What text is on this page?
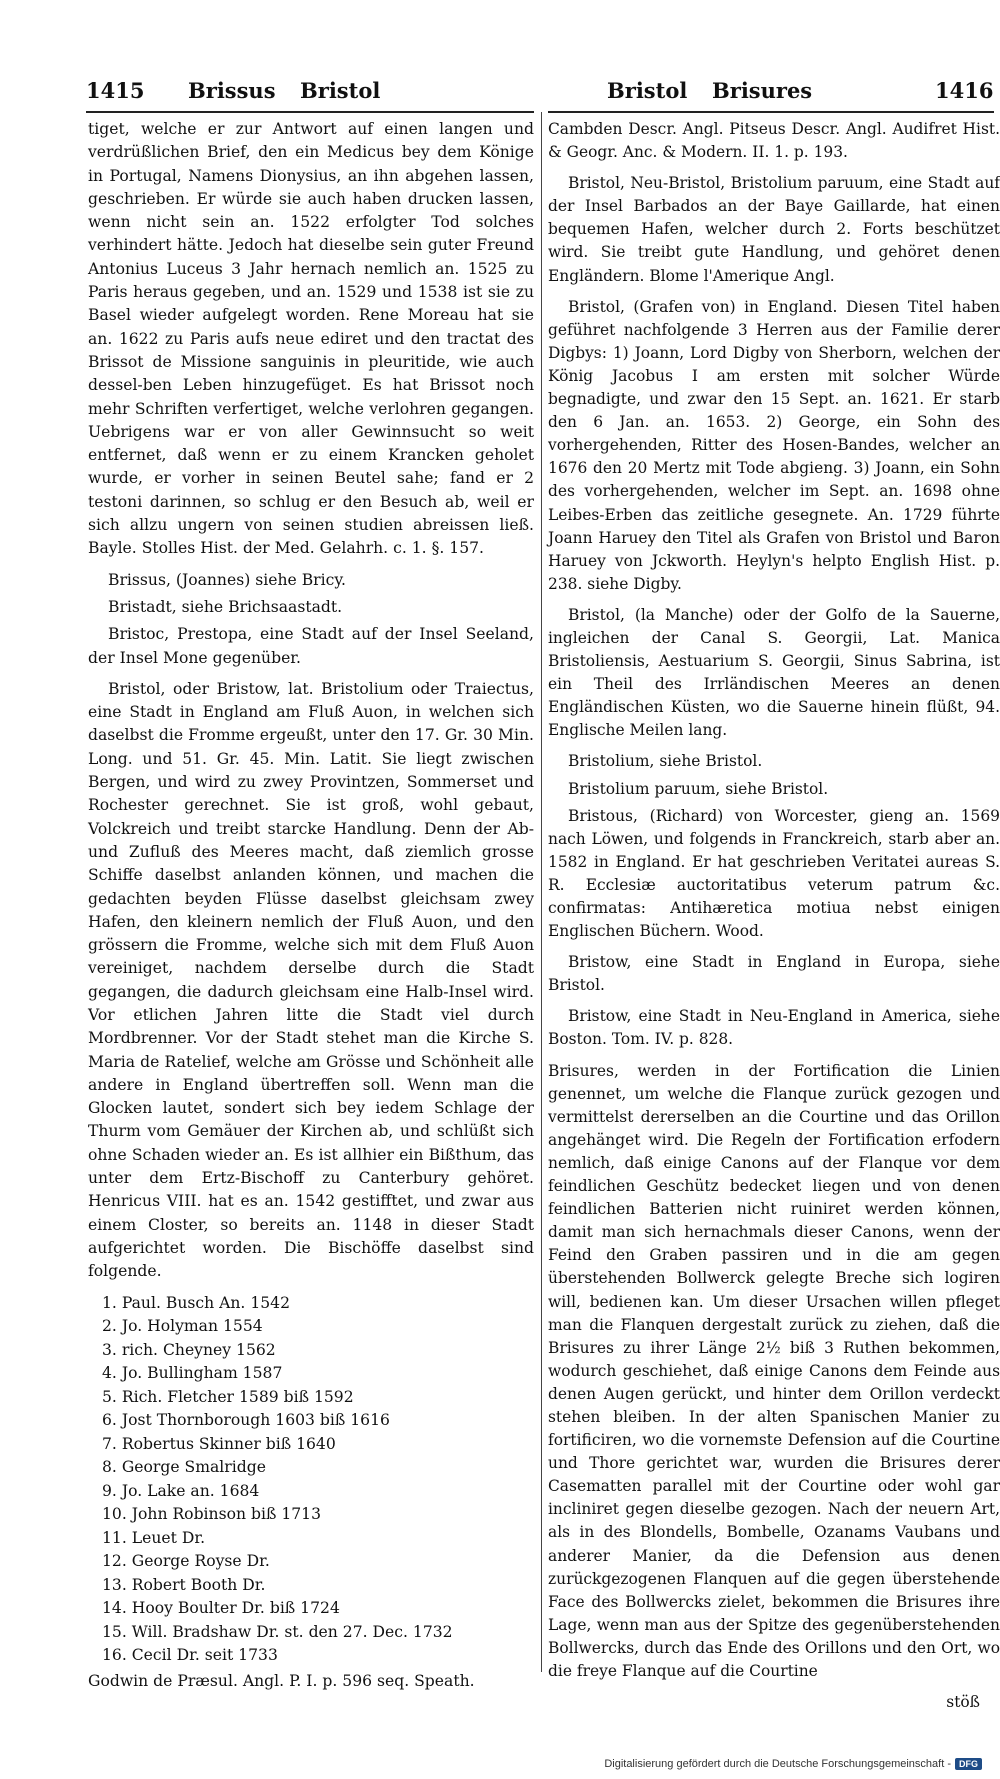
1415 Brissus Bristol	Bristol Brisures	1416

tiget, welche er zur Antwort auf einen langen und verdrüßlichen Brief, den ein Medicus bey dem Könige in Portugal, Namens Dionysius, an ihn abgehen lassen, geschrieben. Er würde sie auch haben drucken lassen, wenn nicht sein an. 1522 erfolgter Tod solches verhindert hätte. Jedoch hat dieselbe sein guter Freund Antonius Luceus 3 Jahr hernach nemlich an. 1525 zu Paris heraus gegeben, und an. 1529 und 1538 ist sie zu Basel wieder aufgelegt worden. Rene Moreau hat sie an. 1622 zu Paris aufs neue ediret und den tractat des Brissot de Missione sanguinis in pleuritide, wie auch dessel-ben Leben hinzugefüget. Es hat Brissot noch mehr Schriften verfertiget, welche verlohren gegangen. Uebrigens war er von aller Gewinnsucht so weit entfernet, daß wenn er zu einem Krancken geholet wurde, er vorher in seinen Beutel sahe; fand er 2 testoni darinnen, so schlug er den Besuch ab, weil er sich allzu ungern von seinen studien abreissen ließ. Bayle. Stolles Hist. der Med. Gelahrh. c. 1. §. 157.

Brissus, (Joannes) siehe Bricy.

Bristadt, siehe Brichsaastadt.

Bristoc, Prestopa, eine Stadt auf der Insel Seeland, der Insel Mone gegenüber.

Bristol, oder Bristow, lat. Bristolium oder Traiectus, eine Stadt in England am Fluß Auon, in welchen sich daselbst die Fromme ergeußt, unter den 17. Gr. 30 Min. Long. und 51. Gr. 45. Min. Latit. Sie liegt zwischen Bergen, und wird zu zwey Provintzen, Sommerset und Rochester gerechnet. Sie ist groß, wohl gebaut, Volckreich und treibt starcke Handlung. Denn der Ab- und Zufluß des Meeres macht, daß ziemlich grosse Schiffe daselbst anlanden können, und machen die gedachten beyden Flüsse daselbst gleichsam zwey Hafen, den kleinern nemlich der Fluß Auon, und den grössern die Fromme, welche sich mit dem Fluß Auon vereiniget, nachdem derselbe durch die Stadt gegangen, die dadurch gleichsam eine Halb-Insel wird. Vor etlichen Jahren litte die Stadt viel durch Mordbrenner. Vor der Stadt stehet man die Kirche S. Maria de Ratelief, welche am Grösse und Schönheit alle andere in England übertreffen soll. Wenn man die Glocken lautet, sondert sich bey iedem Schlage der Thurm vom Gemäuer der Kirchen ab, und schlüßt sich ohne Schaden wieder an. Es ist allhier ein Bißthum, das unter dem Ertz-Bischoff zu Canterbury gehöret. Henricus VIII. hat es an. 1542 gestifftet, und zwar aus einem Closter, so bereits an. 1148 in dieser Stadt aufgerichtet worden. Die Bischöffe daselbst sind folgende.

1. Paul. Busch An. 1542
2. Jo. Holyman 1554
3. rich. Cheyney 1562
4. Jo. Bullingham 1587
5. Rich. Fletcher 1589 biß 1592
6. Jost Thornborough 1603 biß 1616
7. Robertus Skinner biß 1640
8. George Smalridge
9. Jo. Lake an. 1684
10. John Robinson biß 1713
11. Leuet Dr.
12. George Royse Dr.
13. Robert Booth Dr.
14. Hooy Boulter Dr. biß 1724
15. Will. Bradshaw Dr. st. den 27. Dec. 1732
16. Cecil Dr. seit 1733

Godwin de Præsul. Angl. P. I. p. 596 seq. Speath.

Cambden Descr. Angl. Pitseus Descr. Angl. Audifret Hist. & Geogr. Anc. & Modern. II. 1. p. 193.

Bristol, Neu-Bristol, Bristolium paruum, eine Stadt auf der Insel Barbados an der Baye Gaillarde, hat einen bequemen Hafen, welcher durch 2. Forts beschützet wird. Sie treibt gute Handlung, und gehöret denen Engländern. Blome l'Amerique Angl.

Bristol, (Grafen von) in England. Diesen Titel haben geführet nachfolgende 3 Herren aus der Familie derer Digbys: 1) Joann, Lord Digby von Sherborn, welchen der König Jacobus I am ersten mit solcher Würde begnadigte, und zwar den 15 Sept. an. 1621. Er starb den 6 Jan. an. 1653. 2) George, ein Sohn des vorhergehenden, Ritter des Hosen-Bandes, welcher an 1676 den 20 Mertz mit Tode abgieng. 3) Joann, ein Sohn des vorhergehenden, welcher im Sept. an. 1698 ohne Leibes-Erben das zeitliche gesegnete. An. 1729 führte Joann Haruey den Titel als Grafen von Bristol und Baron Haruey von Jckworth. Heylyn's helpto English Hist. p. 238. siehe Digby.

Bristol, (la Manche) oder der Golfo de la Sauerne, ingleichen der Canal S. Georgii, Lat. Manica Bristoliensis, Aestuarium S. Georgii, Sinus Sabrina, ist ein Theil des Irrländischen Meeres an denen Engländischen Küsten, wo die Sauerne hinein flüßt, 94. Englische Meilen lang.

Bristolium, siehe Bristol.

Bristolium paruum, siehe Bristol.

Bristous, (Richard) von Worcester, gieng an. 1569 nach Löwen, und folgends in Franckreich, starb aber an. 1582 in England. Er hat geschrieben Veritatei aureas S. R. Ecclesiæ auctoritatibus veterum patrum &c. confirmatas: Antihæretica motiua nebst einigen Englischen Büchern. Wood.

Bristow, eine Stadt in England in Europa, siehe Bristol.

Bristow, eine Stadt in Neu-England in America, siehe Boston. Tom. IV. p. 828.

Brisures, werden in der Fortification die Linien genennet, um welche die Flanque zurück gezogen und vermittelst dererselben an die Courtine und das Orillon angehänget wird. Die Regeln der Fortification erfodern nemlich, daß einige Canons auf der Flanque vor dem feindlichen Geschütz bedecket liegen und von denen feindlichen Batterien nicht ruiniret werden können, damit man sich hernachmals dieser Canons, wenn der Feind den Graben passiren und in die am gegen überstehenden Bollwerck gelegte Breche sich logiren will, bedienen kan. Um dieser Ursachen willen pfleget man die Flanquen dergestalt zurück zu ziehen, daß die Brisures zu ihrer Länge 2½ biß 3 Ruthen bekommen, wodurch geschiehet, daß einige Canons dem Feinde aus denen Augen gerückt, und hinter dem Orillon verdeckt stehen bleiben. In der alten Spanischen Manier zu fortificiren, wo die vornemste Defension auf die Courtine und Thore gerichtet war, wurden die Brisures derer Casematten parallel mit der Courtine oder wohl gar incliniret gegen dieselbe gezogen. Nach der neuern Art, als in des Blondells, Bombelle, Ozanams Vaubans und anderer Manier, da die Defension aus denen zurückgezogenen Flanquen auf die gegen überstehende Face des Bollwercks zielet, bekommen die Brisures ihre Lage, wenn man aus der Spitze des gegenüberstehenden Bollwercks, durch das Ende des Orillons und den Ort, wo die freye Flanque auf die Courtine

stöß
Digitalisierung gefördert durch die Deutsche Forschungsgemeinschaft - DFG
